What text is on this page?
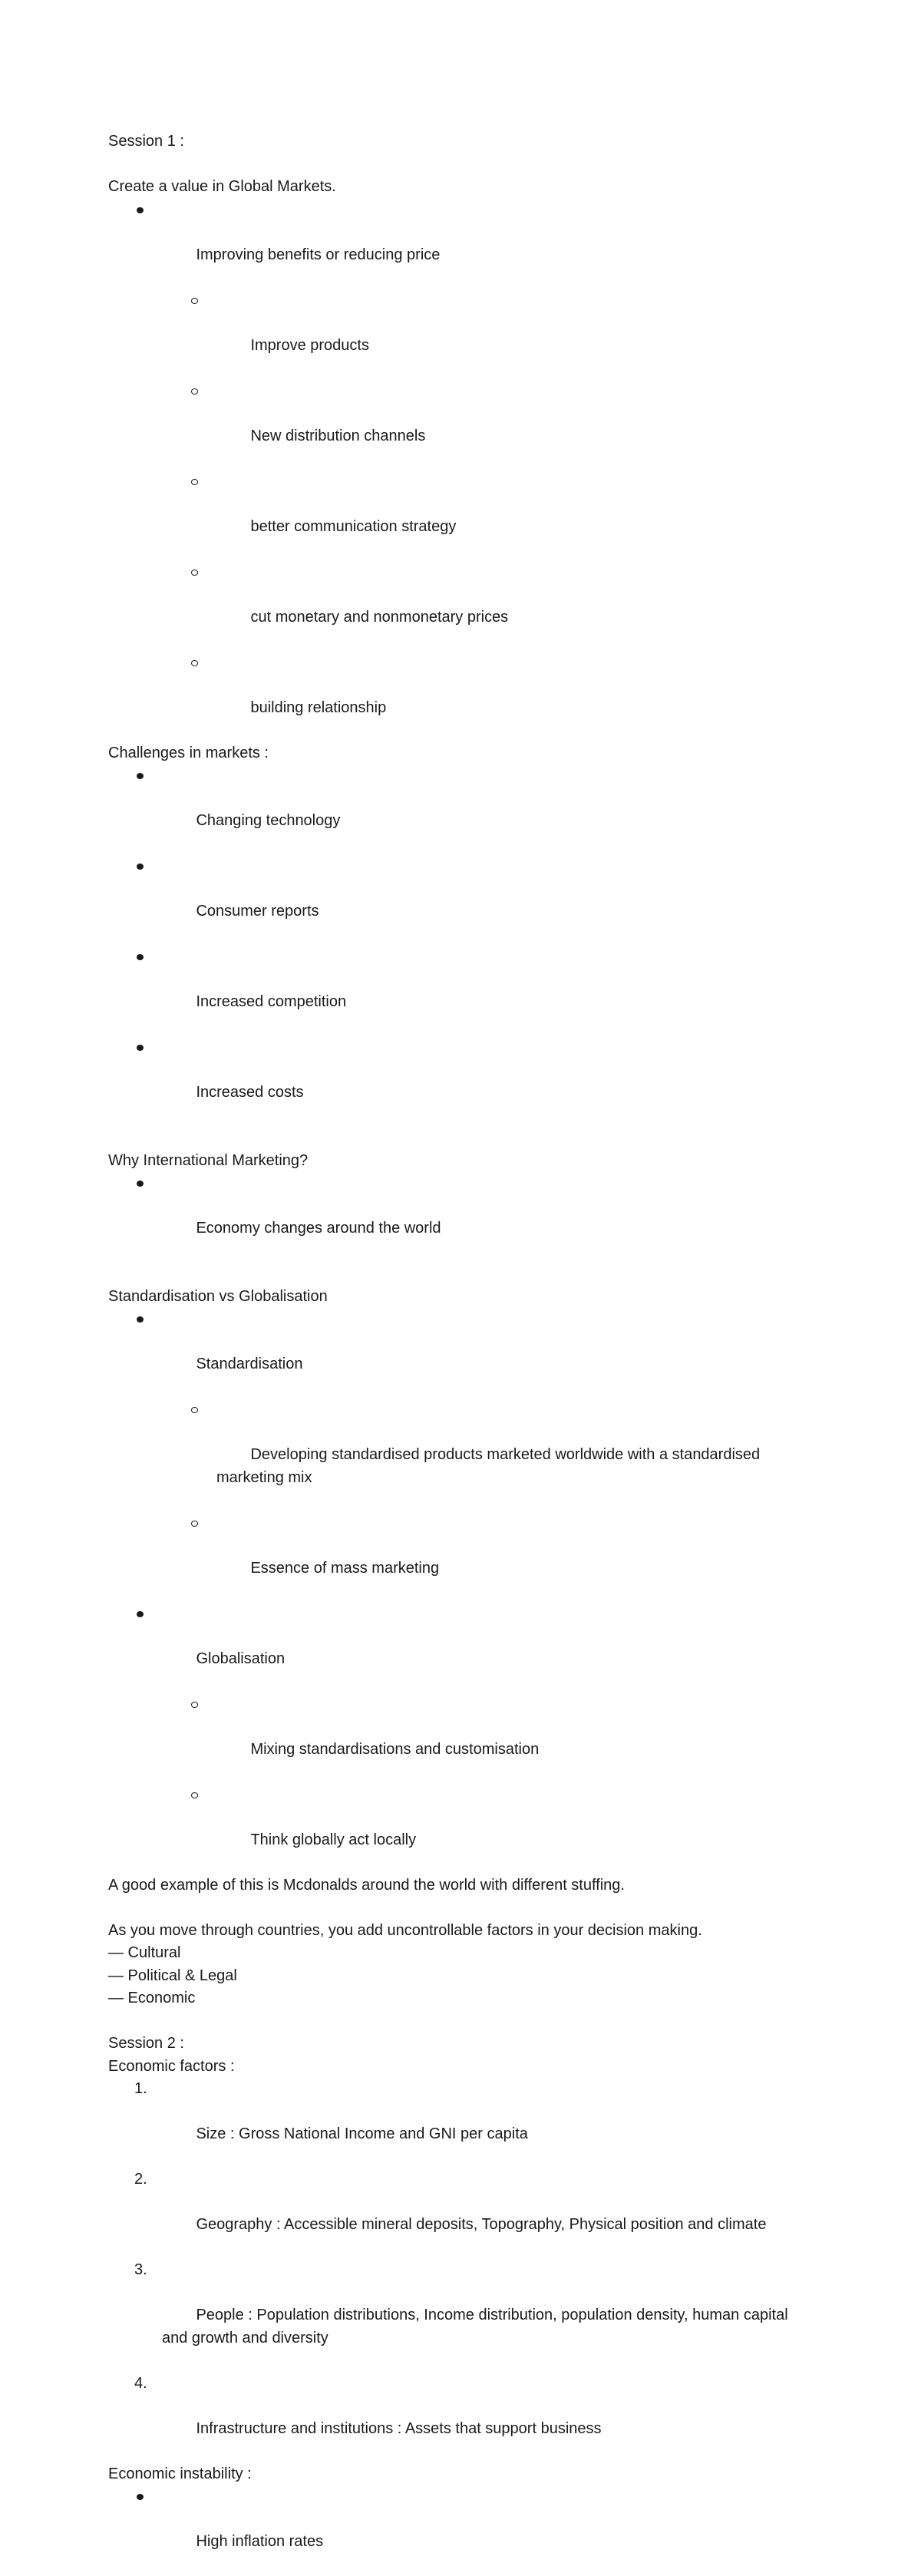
Session 1 :
Create a value in Global Markets.

Improving benefits or reducing price

Improve products

New distribution channels

better communication strategy

cut monetary and nonmonetary prices

building relationship

Challenges in markets :

Changing technology

Consumer reports

Increased competition

Increased costs

Why International Marketing?

Economy changes around the world

Standardisation vs Globalisation

Standardisation

Developing standardised products marketed worldwide with a standardised marketing mix

Essence of mass marketing

Globalisation

Mixing standardisations and customisation

Think globally act locally

A good example of this is Mcdonalds around the world with different stuffing.
As you move through countries, you add uncontrollable factors in your decision making.
— Cultural
— Political & Legal
— Economic
Session 2 :
Economic factors :

1.

Size : Gross National Income and GNI per capita

2.

Geography : Accessible mineral deposits, Topography, Physical position and climate

3.

People : Population distributions, Income distribution, population density, human capital and growth and diversity

4.

Infrastructure and institutions : Assets that support business

Economic instability :

High inflation rates
